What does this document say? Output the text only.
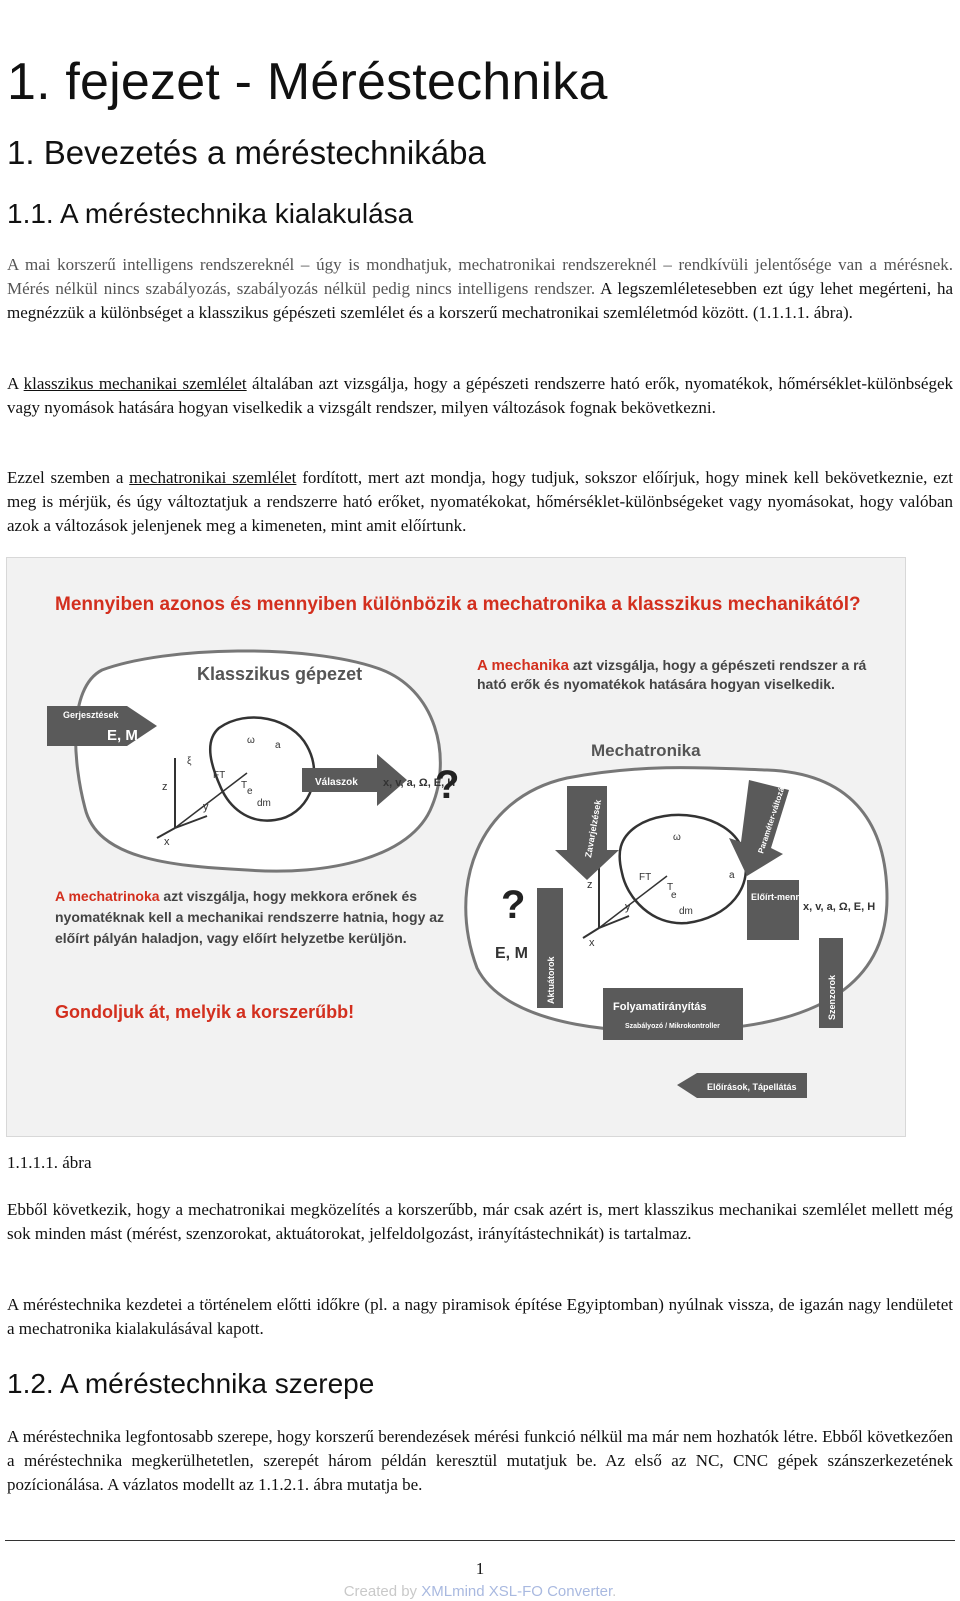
1. fejezet - Méréstechnika
1. Bevezetés a méréstechnikába
1.1. A méréstechnika kialakulása

A mai korszerű intelligens rendszereknél – úgy is mondhatjuk, mechatronikai rendszereknél – rendkívüli jelentősége van a mérésnek. Mérés nélkül nincs szabályozás, szabályozás nélkül pedig nincs intelligens rendszer. A legszemléletesebben ezt úgy lehet megérteni, ha megnézzük a különbséget a klasszikus gépészeti szemlélet és a korszerű mechatronikai szemléletmód között. (1.1.1.1. ábra).

A klasszikus mechanikai szemlélet általában azt vizsgálja, hogy a gépészeti rendszerre ható erők, nyomatékok, hőmérséklet-különbségek vagy nyomások hatására hogyan viselkedik a vizsgált rendszer, milyen változások fognak bekövetkezni.

Ezzel szemben a mechatronikai szemlélet fordított, mert azt mondja, hogy tudjuk, sokszor előírjuk, hogy minek kell bekövetkeznie, ezt meg is mérjük, és úgy változtatjuk a rendszerre ható erőket, nyomatékokat, hőmérséklet-különbségeket vagy nyomásokat, hogy valóban azok a változások jelenjenek meg a kimeneten, mint amit előírtunk.

Mennyiben azonos és mennyiben különbözik a mechatronika a klasszikus mechanikától?
Klasszikus gépezet
Gerjesztések
E, M
z
y
x
FT
T
ω a
e
dm
ξ
Válaszok x, v, a, Ω, E, H
?
A mechanika azt vizsgálja, hogy a gépészeti rendszer a rá ható erők és nyomatékok hatására hogyan viselkedik.
Mechatronika
z
y
x
FT
T
ω
a
e
dm
Zavarjelzések	Paraméter-változások
Előírt-mennyi-ségek
x, v, a, Ω, E, H
Aktuátorok	Szenzorok
Folyamatirányítás
Szabályozó / Mikrokontroller
Előírások, Tápellátás
?
E, M
A mechatrinoka azt viszgálja, hogy mekkora erőnek és nyomatéknak kell a mechanikai rendszerre hatnia, hogy az előírt pályán haladjon, vagy előírt helyzetbe kerüljön.
Gondoljuk át, melyik a korszerűbb!

1.1.1.1. ábra

Ebből következik, hogy a mechatronikai megközelítés a korszerűbb, már csak azért is, mert klasszikus mechanikai szemlélet mellett még sok minden mást (mérést, szenzorokat, aktuátorokat, jelfeldolgozást, irányítástechnikát) is tartalmaz.

A méréstechnika kezdetei a történelem előtti időkre (pl. a nagy piramisok építése Egyiptomban) nyúlnak vissza, de igazán nagy lendületet a mechatronika kialakulásával kapott.

1.2. A méréstechnika szerepe

A méréstechnika legfontosabb szerepe, hogy korszerű berendezések mérési funkció nélkül ma már nem hozhatók létre. Ebből következően a méréstechnika megkerülhetetlen, szerepét három példán keresztül mutatjuk be. Az első az NC, CNC gépek szánszerkezetének pozícionálása. A vázlatos modellt az 1.1.2.1. ábra mutatja be.

1
Created by XMLmind XSL-FO Converter.
